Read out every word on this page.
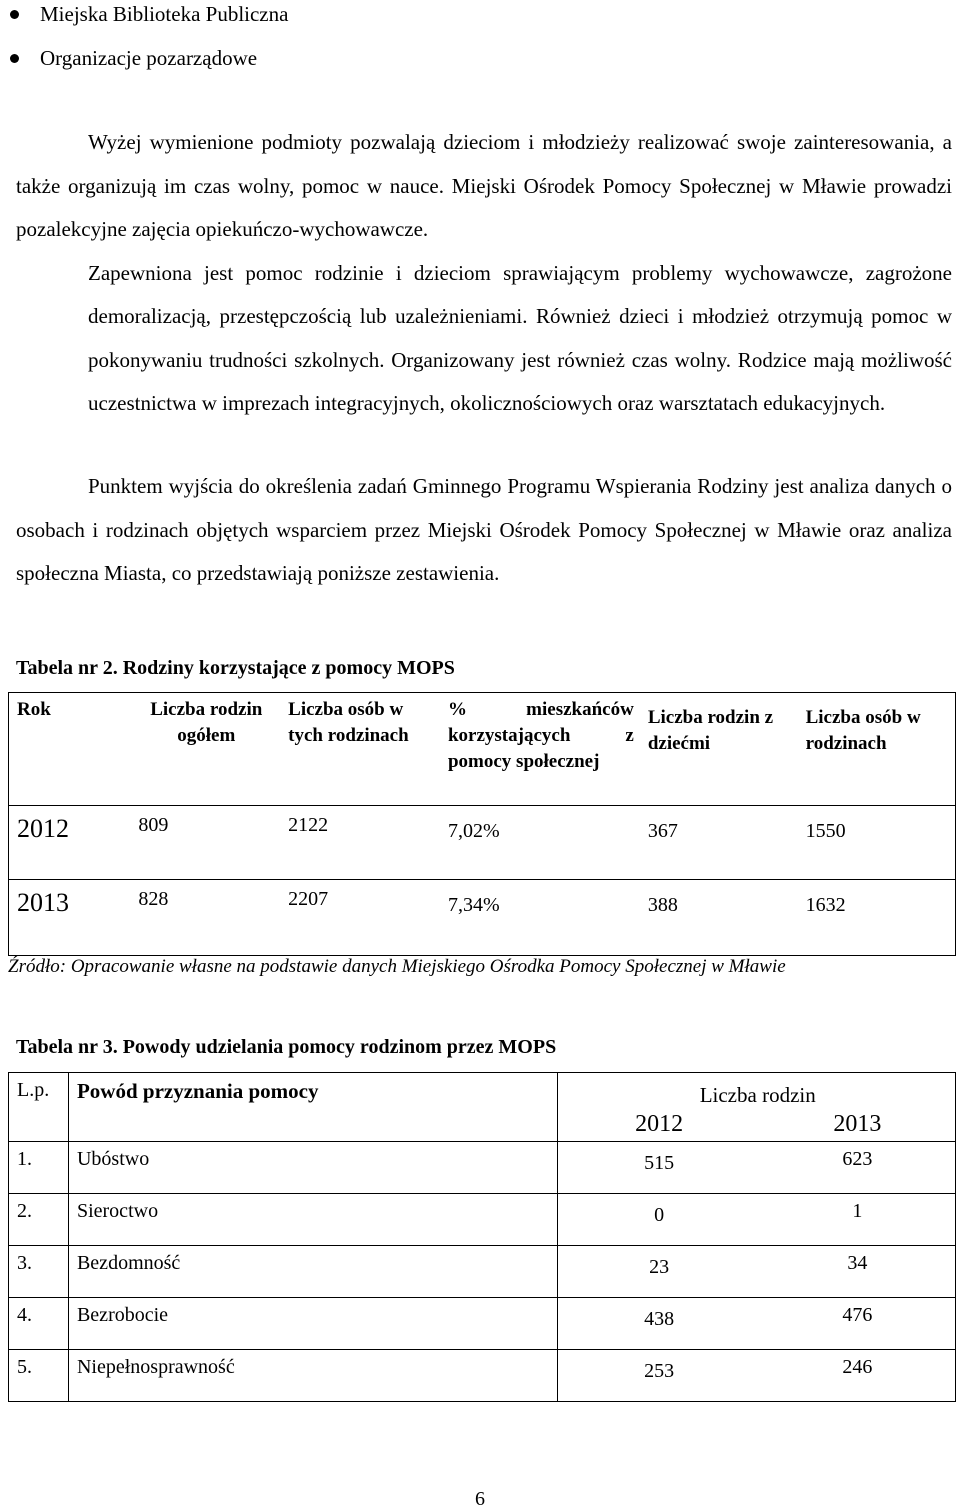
Miejska Biblioteka Publiczna
Organizacje pozarządowe

Wyżej wymienione podmioty pozwalają dzieciom i młodzieży realizować swoje zainteresowania, a także organizują im czas wolny, pomoc w nauce. Miejski Ośrodek Pomocy Społecznej w Mławie prowadzi pozalekcyjne zajęcia opiekuńczo-wychowawcze.
Zapewniona jest pomoc rodzinie i dzieciom sprawiającym problemy wychowawcze, zagrożone demoralizacją, przestępczością lub uzależnieniami. Również dzieci i młodzież otrzymują pomoc w pokonywaniu trudności szkolnych. Organizowany jest również czas wolny. Rodzice mają możliwość uczestnictwa w imprezach integracyjnych, okolicznościowych oraz warsztatach edukacyjnych.

Punktem wyjścia do określenia zadań Gminnego Programu Wspierania Rodziny jest analiza danych o osobach i rodzinach objętych wsparciem przez Miejski Ośrodek Pomocy Społecznej w Mławie oraz analiza społeczna Miasta, co przedstawiają poniższe zestawienia.

Tabela nr 2. Rodziny korzystające z pomocy MOPS
Rok	Liczba rodzin ogółem	Liczba osób w tych rodzinach	% mieszkańców korzystających z pomocy społecznej	Liczba rodzin z dziećmi	Liczba osób w rodzinach
2012	809	2122	7,02%	367	1550
2013	828	2207	7,34%	388	1632
Źródło: Opracowanie własne na podstawie danych Miejskiego Ośrodka Pomocy Społecznej w Mławie
Tabela nr 3. Powody udzielania pomocy rodzinom przez MOPS
L.p.	Powód przyznania pomocy	Liczba rodzin	
		2012	2013
1.	Ubóstwo	515	623
2.	Sieroctwo	0	1
3.	Bezdomność	23	34
4.	Bezrobocie	438	476
5.	Niepełnosprawność	253	246
6
